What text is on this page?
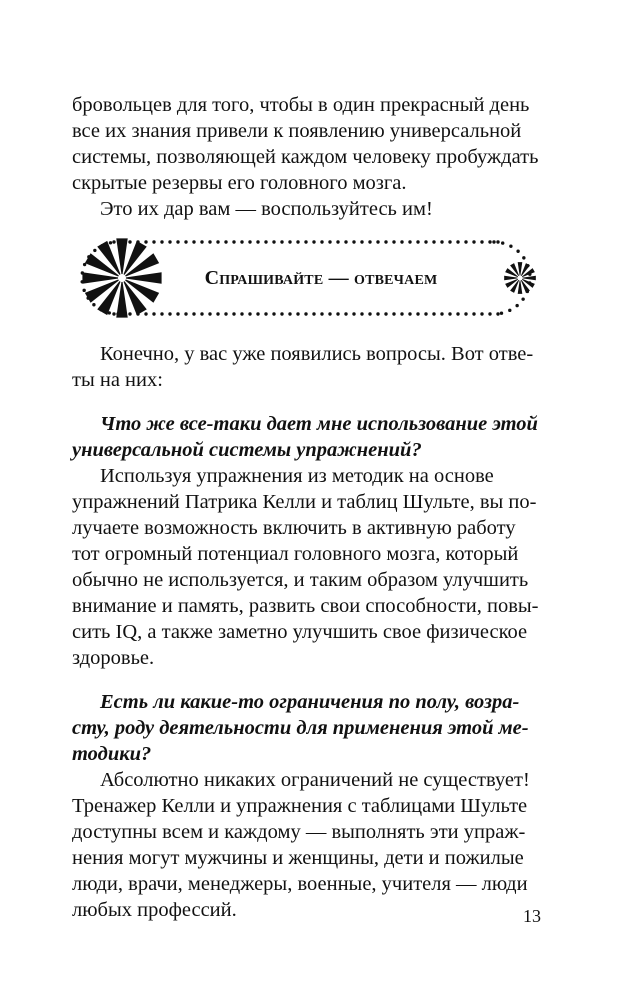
бровольцев для того, чтобы в один прекрасный день
все их знания привели к появлению универсальной
системы, позволяющей каждом человеку пробуждать
скрытые резервы его головного мозга.
Это их дар вам — воспользуйтесь им!
Спрашивайте — отвечаем
Конечно, у вас уже появились вопросы. Вот отве-
ты на них:
Что же все-таки дает мне использование этой
универсальной системы упражнений?
Используя упражнения из методик на основе
упражнений Патрика Келли и таблиц Шульте, вы по-
лучаете возможность включить в активную работу
тот огромный потенциал головного мозга, который
обычно не используется, и таким образом улучшить
внимание и память, развить свои способности, повы-
сить IQ, а также заметно улучшить свое физическое
здоровье.
Есть ли какие-то ограничения по полу, возра-
сту, роду деятельности для применения этой ме-
тодики?
Абсолютно никаких ограничений не существует!
Тренажер Келли и упражнения с таблицами Шульте
доступны всем и каждому — выполнять эти упраж-
нения могут мужчины и женщины, дети и пожилые
люди, врачи, менеджеры, военные, учителя — люди
любых профессий.	13
